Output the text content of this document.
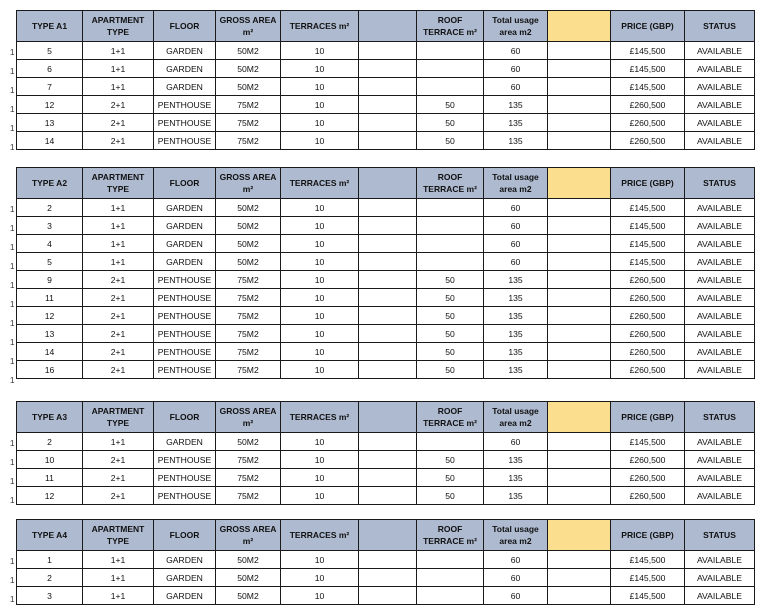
1
1
1
1
1
1
TYPE A1	APARTMENT TYPE	FLOOR	GROSS AREA m²	TERRACES m²		ROOF TERRACE m²	Total usage area m2		PRICE (GBP)	STATUS
5	1+1	GARDEN	50M2	10			60		£145,500	AVAILABLE
6	1+1	GARDEN	50M2	10			60		£145,500	AVAILABLE
7	1+1	GARDEN	50M2	10			60		£145,500	AVAILABLE
12	2+1	PENTHOUSE	75M2	10		50	135		£260,500	AVAILABLE
13	2+1	PENTHOUSE	75M2	10		50	135		£260,500	AVAILABLE
14	2+1	PENTHOUSE	75M2	10		50	135		£260,500	AVAILABLE
1
1
1
1
1
1
1
1
1
1
TYPE A2	APARTMENT TYPE	FLOOR	GROSS AREA m²	TERRACES m²		ROOF TERRACE m²	Total usage area m2		PRICE (GBP)	STATUS
2	1+1	GARDEN	50M2	10			60		£145,500	AVAILABLE
3	1+1	GARDEN	50M2	10			60		£145,500	AVAILABLE
4	1+1	GARDEN	50M2	10			60		£145,500	AVAILABLE
5	1+1	GARDEN	50M2	10			60		£145,500	AVAILABLE
9	2+1	PENTHOUSE	75M2	10		50	135		£260,500	AVAILABLE
11	2+1	PENTHOUSE	75M2	10		50	135		£260,500	AVAILABLE
12	2+1	PENTHOUSE	75M2	10		50	135		£260,500	AVAILABLE
13	2+1	PENTHOUSE	75M2	10		50	135		£260,500	AVAILABLE
14	2+1	PENTHOUSE	75M2	10		50	135		£260,500	AVAILABLE
16	2+1	PENTHOUSE	75M2	10		50	135		£260,500	AVAILABLE
1
1
1
1
TYPE A3	APARTMENT TYPE	FLOOR	GROSS AREA m²	TERRACES m²		ROOF TERRACE m²	Total usage area m2		PRICE (GBP)	STATUS
2	1+1	GARDEN	50M2	10			60		£145,500	AVAILABLE
10	2+1	PENTHOUSE	75M2	10		50	135		£260,500	AVAILABLE
11	2+1	PENTHOUSE	75M2	10		50	135		£260,500	AVAILABLE
12	2+1	PENTHOUSE	75M2	10		50	135		£260,500	AVAILABLE
1
1
1
TYPE A4	APARTMENT TYPE	FLOOR	GROSS AREA m²	TERRACES m²		ROOF TERRACE m²	Total usage area m2		PRICE (GBP)	STATUS
1	1+1	GARDEN	50M2	10			60		£145,500	AVAILABLE
2	1+1	GARDEN	50M2	10			60		£145,500	AVAILABLE
3	1+1	GARDEN	50M2	10			60		£145,500	AVAILABLE
